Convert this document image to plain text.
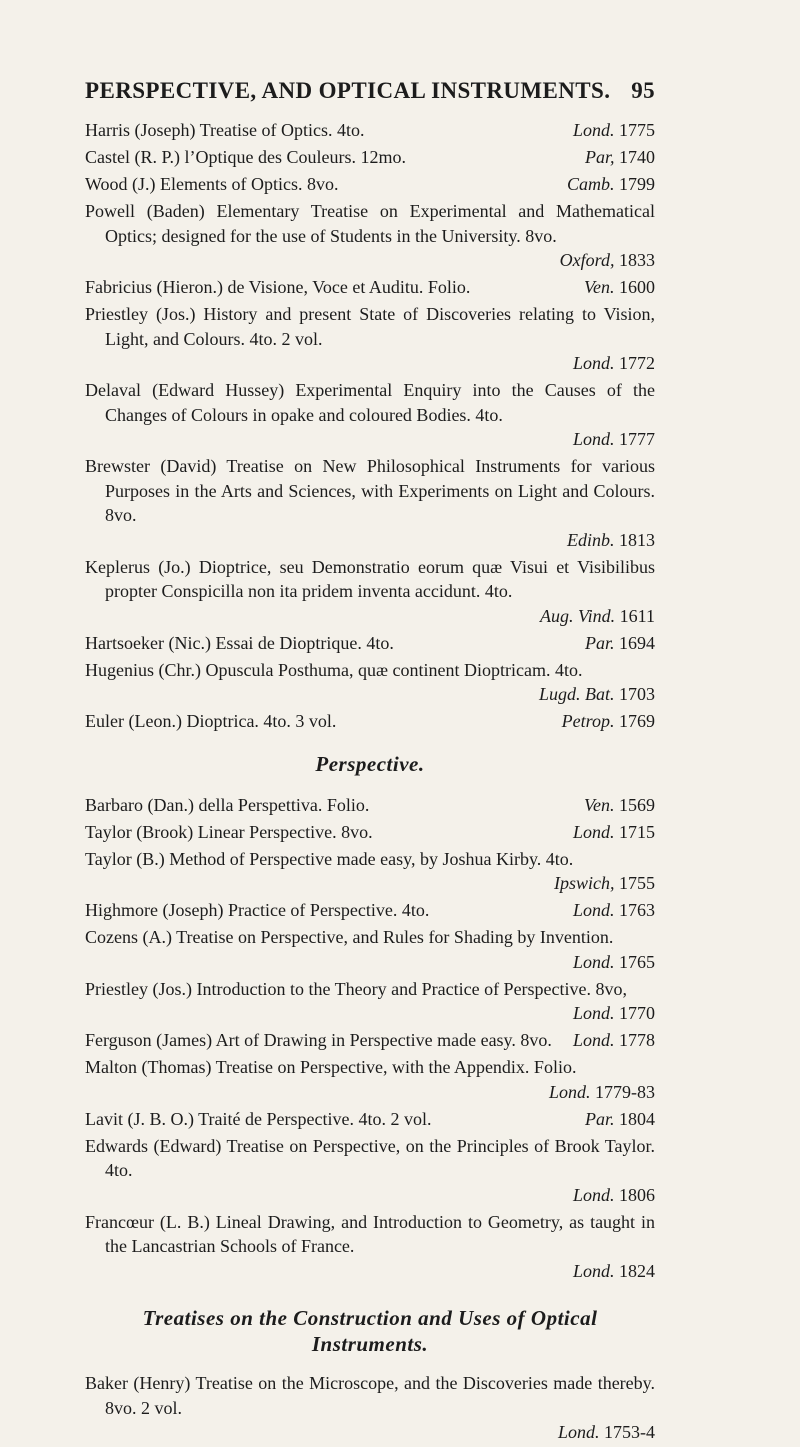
PERSPECTIVE, AND OPTICAL INSTRUMENTS. 95
Harris (Joseph) Treatise of Optics. 4to.	Lond. 1775
Castel (R. P.) l’Optique des Couleurs. 12mo.	Par, 1740
Wood (J.) Elements of Optics. 8vo.	Camb. 1799
Powell (Baden) Elementary Treatise on Experimental and Mathematical Optics; designed for the use of Students in the University. 8vo.
Oxford, 1833
Fabricius (Hieron.) de Visione, Voce et Auditu. Folio.	Ven. 1600
Priestley (Jos.) History and present State of Discoveries relating to Vision, Light, and Colours. 4to. 2 vol.
Lond. 1772
Delaval (Edward Hussey) Experimental Enquiry into the Causes of the Changes of Colours in opake and coloured Bodies. 4to.
Lond. 1777
Brewster (David) Treatise on New Philosophical Instruments for various Purposes in the Arts and Sciences, with Experiments on Light and Colours. 8vo.
Edinb. 1813
Keplerus (Jo.) Dioptrice, seu Demonstratio eorum quæ Visui et Visibilibus propter Conspicilla non ita pridem inventa accidunt. 4to.
Aug. Vind. 1611
Hartsoeker (Nic.) Essai de Dioptrique. 4to.	Par. 1694
Hugenius (Chr.) Opuscula Posthuma, quæ continent Dioptricam. 4to.
Lugd. Bat. 1703
Euler (Leon.) Dioptrica. 4to. 3 vol.	Petrop. 1769
Perspective.
Barbaro (Dan.) della Perspettiva. Folio.	Ven. 1569
Taylor (Brook) Linear Perspective. 8vo.	Lond. 1715
Taylor (B.) Method of Perspective made easy, by Joshua Kirby. 4to.
Ipswich, 1755
Highmore (Joseph) Practice of Perspective. 4to.	Lond. 1763
Cozens (A.) Treatise on Perspective, and Rules for Shading by Invention.
Lond. 1765
Priestley (Jos.) Introduction to the Theory and Practice of Perspective. 8vo,
Lond. 1770
Ferguson (James) Art of Drawing in Perspective made easy. 8vo. Lond. 1778
Malton (Thomas) Treatise on Perspective, with the Appendix. Folio.
Lond. 1779-83
Lavit (J. B. O.) Traité de Perspective. 4to. 2 vol.	Par. 1804
Edwards (Edward) Treatise on Perspective, on the Principles of Brook Taylor. 4to.
Lond. 1806
Francœur (L. B.) Lineal Drawing, and Introduction to Geometry, as taught in the Lancastrian Schools of France.
Lond. 1824
Treatises on the Construction and Uses of Optical
Instruments.
Baker (Henry) Treatise on the Microscope, and the Discoveries made thereby. 8vo. 2 vol.
Lond. 1753-4
